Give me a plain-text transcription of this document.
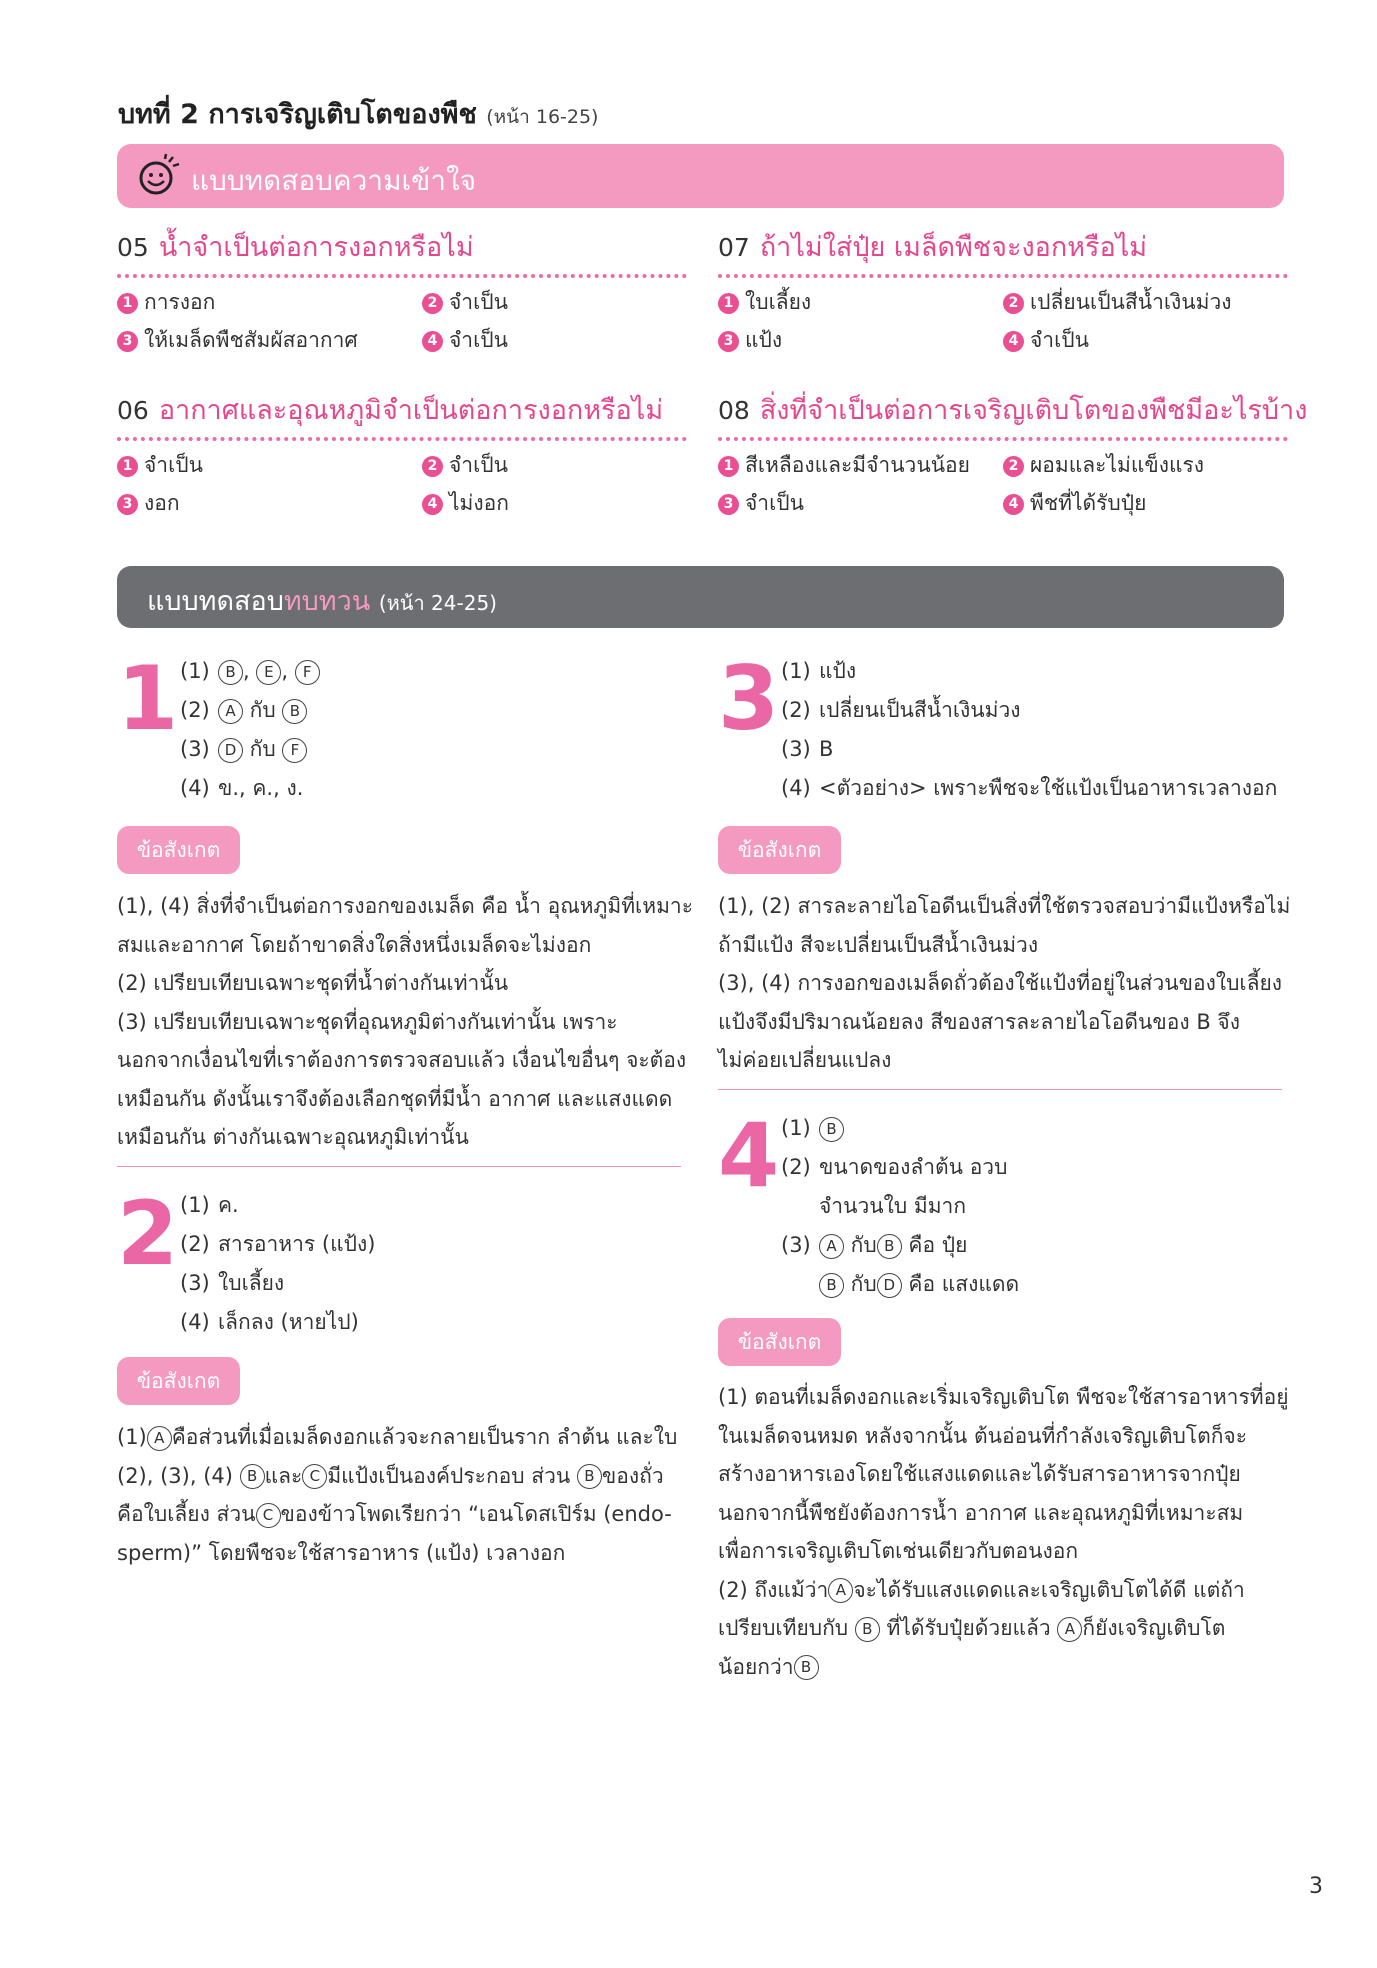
บทที่ 2 การเจริญเติบโตของพืช (หน้า 16-25)
แบบทดสอบความเข้าใจ
05 น้ำจำเป็นต่อการงอกหรือไม่
1 การงอก	2 จำเป็น
3 ให้เมล็ดพืชสัมผัสอากาศ	4 จำเป็น
07 ถ้าไม่ใส่ปุ๋ย เมล็ดพืชจะงอกหรือไม่
1 ใบเลี้ยง	2 เปลี่ยนเป็นสีน้ำเงินม่วง
3 แป้ง	4 จำเป็น
06 อากาศและอุณหภูมิจำเป็นต่อการงอกหรือไม่
1 จำเป็น	2 จำเป็น
3 งอก	4 ไม่งอก
08 สิ่งที่จำเป็นต่อการเจริญเติบโตของพืชมีอะไรบ้าง
1 สีเหลืองและมีจำนวนน้อย	2 ผอมและไม่แข็งแรง
3 จำเป็น	4 พืชที่ได้รับปุ๋ย
แบบทดสอบทบทวน (หน้า 24-25)
1 (1) B , E , F
(2) A กับ B
(3) D กับ F
(4) ข., ค., ง.
ข้อสังเกต
(1), (4) สิ่งที่จำเป็นต่อการงอกของเมล็ด คือ น้ำ อุณหภูมิที่เหมาะ
สมและอากาศ โดยถ้าขาดสิ่งใดสิ่งหนึ่งเมล็ดจะไม่งอก
(2) เปรียบเทียบเฉพาะชุดที่น้ำต่างกันเท่านั้น
(3) เปรียบเทียบเฉพาะชุดที่อุณหภูมิต่างกันเท่านั้น เพราะ
นอกจากเงื่อนไขที่เราต้องการตรวจสอบแล้ว เงื่อนไขอื่นๆ จะต้อง
เหมือนกัน ดังนั้นเราจึงต้องเลือกชุดที่มีน้ำ อากาศ และแสงแดด
เหมือนกัน ต่างกันเฉพาะอุณหภูมิเท่านั้น
2 (1) ค.
(2) สารอาหาร (แป้ง)
(3) ใบเลี้ยง
(4) เล็กลง (หายไป)
ข้อสังเกต
(1) A คือส่วนที่เมื่อเมล็ดงอกแล้วจะกลายเป็นราก ลำต้น และใบ
(2), (3), (4) B และ C มีแป้งเป็นองค์ประกอบ ส่วน B ของถั่ว
คือใบเลี้ยง ส่วน C ของข้าวโพดเรียกว่า “เอนโดสเปิร์ม (endo-
sperm)” โดยพืชจะใช้สารอาหาร (แป้ง) เวลางอก
3 (1) แป้ง
(2) เปลี่ยนเป็นสีน้ำเงินม่วง
(3) B
(4) <ตัวอย่าง> เพราะพืชจะใช้แป้งเป็นอาหารเวลางอก
ข้อสังเกต
(1), (2) สารละลายไอโอดีนเป็นสิ่งที่ใช้ตรวจสอบว่ามีแป้งหรือไม่
ถ้ามีแป้ง สีจะเปลี่ยนเป็นสีน้ำเงินม่วง
(3), (4) การงอกของเมล็ดถั่วต้องใช้แป้งที่อยู่ในส่วนของใบเลี้ยง
แป้งจึงมีปริมาณน้อยลง สีของสารละลายไอโอดีนของ B จึง
ไม่ค่อยเปลี่ยนแปลง
4 (1) B
(2) ขนาดของลำต้น อวบ
จำนวนใบ มีมาก
(3) A กับ B คือ ปุ๋ย
B กับ D คือ แสงแดด
ข้อสังเกต
(1) ตอนที่เมล็ดงอกและเริ่มเจริญเติบโต พืชจะใช้สารอาหารที่อยู่
ในเมล็ดจนหมด หลังจากนั้น ต้นอ่อนที่กำลังเจริญเติบโตก็จะ
สร้างอาหารเองโดยใช้แสงแดดและได้รับสารอาหารจากปุ๋ย
นอกจากนี้พืชยังต้องการน้ำ อากาศ และอุณหภูมิที่เหมาะสม
เพื่อการเจริญเติบโตเช่นเดียวกับตอนงอก
(2) ถึงแม้ว่า A จะได้รับแสงแดดและเจริญเติบโตได้ดี แต่ถ้า
เปรียบเทียบกับ B ที่ได้รับปุ๋ยด้วยแล้ว A ก็ยังเจริญเติบโต
น้อยกว่า B
3
